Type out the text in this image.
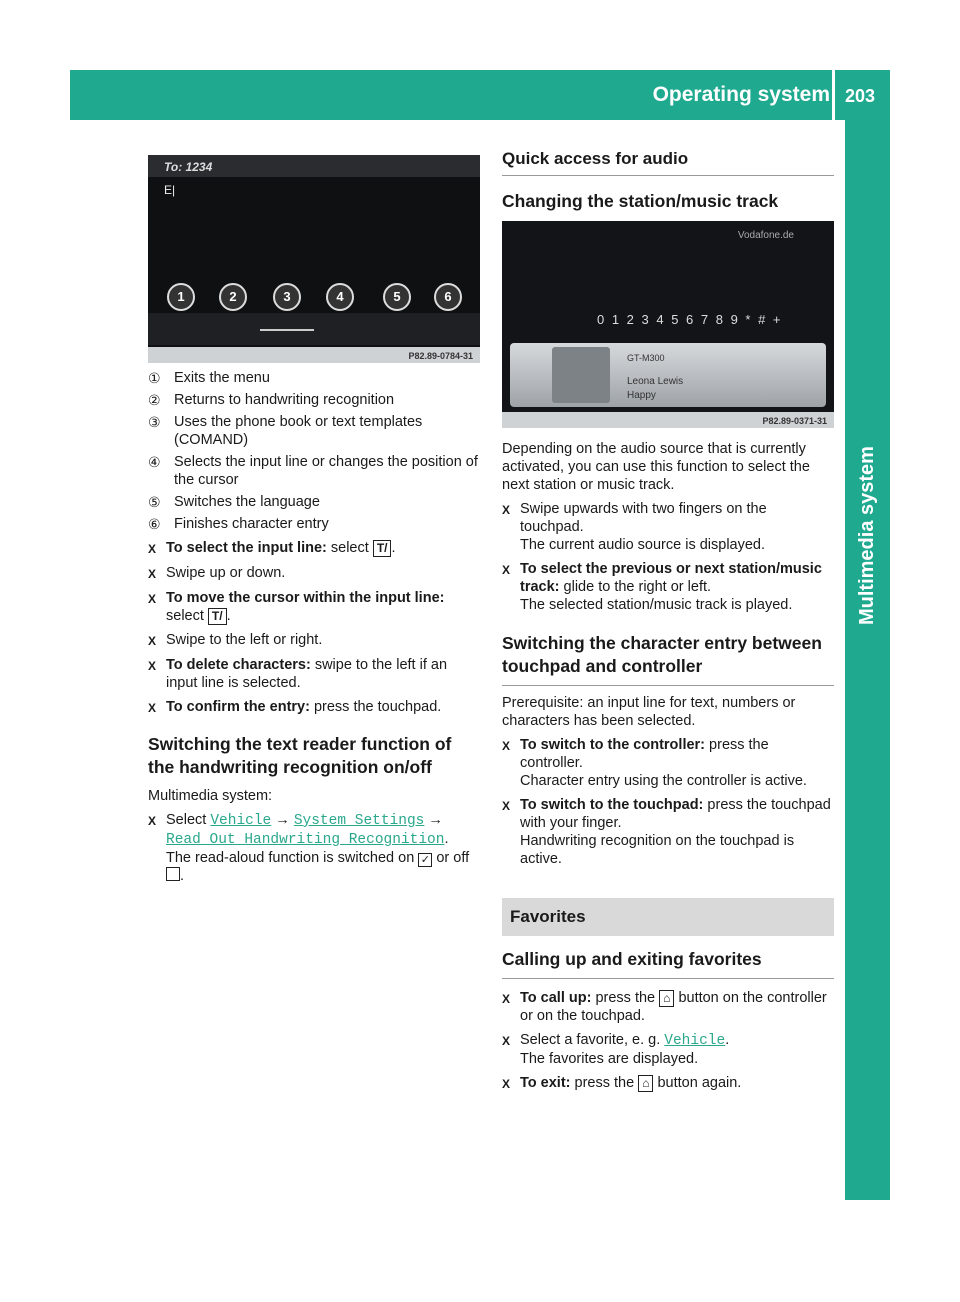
Operating system 203
Multimedia system
To: 1234
E|
1	2	3	4	5	6
P82.89-0784-31
① Exits the menu
② Returns to handwriting recognition
③ Uses the phone book or text templates (COMAND)
④ Selects the input line or changes the position of the cursor
⑤ Switches the language
⑥ Finishes character entry
X To select the input line: select T/ .

X Swipe up or down.

X To move the cursor within the input line: select T/ .

X Swipe to the left or right.

X To delete characters: swipe to the left if an input line is selected.

X To confirm the entry: press the touchpad.

Switching the text reader function of the handwriting recognition on/off

Multimedia system:

X Select Vehicle → System Settings → Read Out Handwriting Recognition.
The read-aloud function is switched on ✓ or off .

Quick access for audio
Changing the station/music track
Vodafone.de
0 1 2 3 4 5 6 7 8 9 * # +
GT-M300
Leona Lewis
Happy
P82.89-0371-31

Depending on the audio source that is currently activated, you can use this function to select the next station or music track.

X Swipe upwards with two fingers on the touchpad.
The current audio source is displayed.

X To select the previous or next station/music track: glide to the right or left.
The selected station/music track is played.

Switching the character entry between touchpad and controller

Prerequisite: an input line for text, numbers or characters has been selected.

X To switch to the controller: press the controller.
Character entry using the controller is active.

X To switch to the touchpad: press the touchpad with your finger.
Handwriting recognition on the touchpad is active.

Favorites
Calling up and exiting favorites
X To call up: press the ⌂ button on the controller or on the touchpad.

X Select a favorite, e. g. Vehicle.
The favorites are displayed.

X To exit: press the ⌂ button again.
